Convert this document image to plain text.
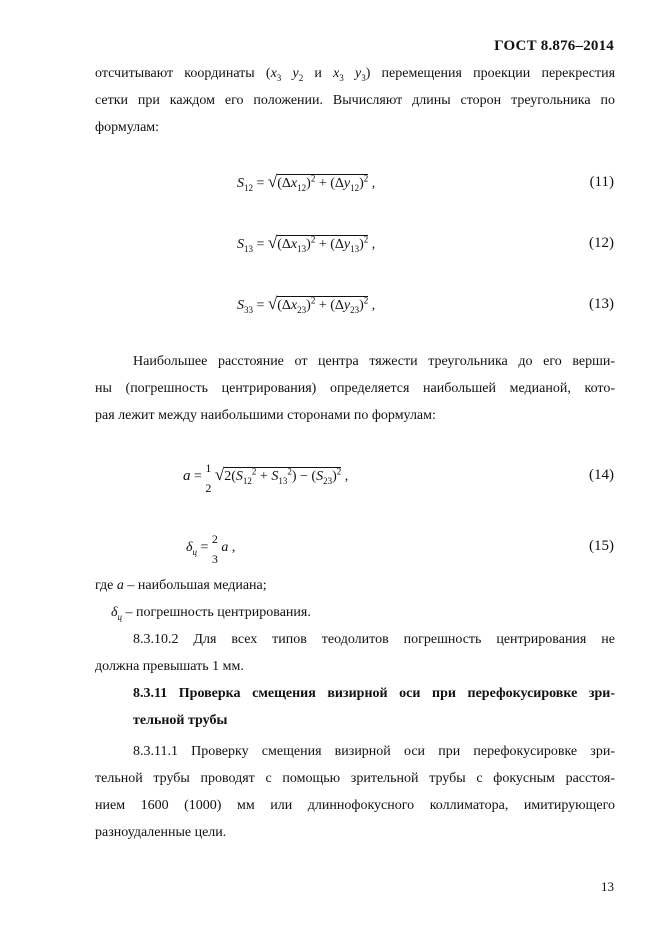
ГОСТ 8.876–2014
отсчитывают координаты ($x_3$ $y_2$ и $x_3$ $y_3$) перемещения проекции перекрестия
сетки при каждом его положении. Вычисляют длины сторон треугольника по
формулам:
$S_{12} = √(\Delta x_{12})^2 + (\Delta y_{12})^2$ ,	(11)
$S_{13} = √(\Delta x_{13})^2 + (\Delta y_{13})^2$ ,	(12)
$S_{33} = √(\Delta x_{23})^2 + (\Delta y_{23})^2$ ,	(13)
Наибольшее расстояние от центра тяжести треугольника до его верши-
ны (погрешность центрирования) определяется наибольшей медианой, кото-
рая лежит между наибольшими сторонами по формулам:
a =
1
2
$√2(S_{12}^2 + S_{13}^2) - (S_{23})^2$ ,	(14)
$\delta_ц$ =
2
3
a ,	(15)
где a – наибольшая медиана;
$\delta_ц$ – погрешность центрирования.
8.3.10.2 Для всех типов теодолитов погрешность центрирования не
должна превышать 1 мм.
8.3.11 Проверка смещения визирной оси при перефокусировке зри-
тельной трубы
8.3.11.1 Проверку смещения визирной оси при перефокусировке зри-
тельной трубы проводят с помощью зрительной трубы с фокусным расстоя-
нием 1600 (1000) мм или длиннофокусного коллиматора, имитирующего
разноудаленные цели.
13
